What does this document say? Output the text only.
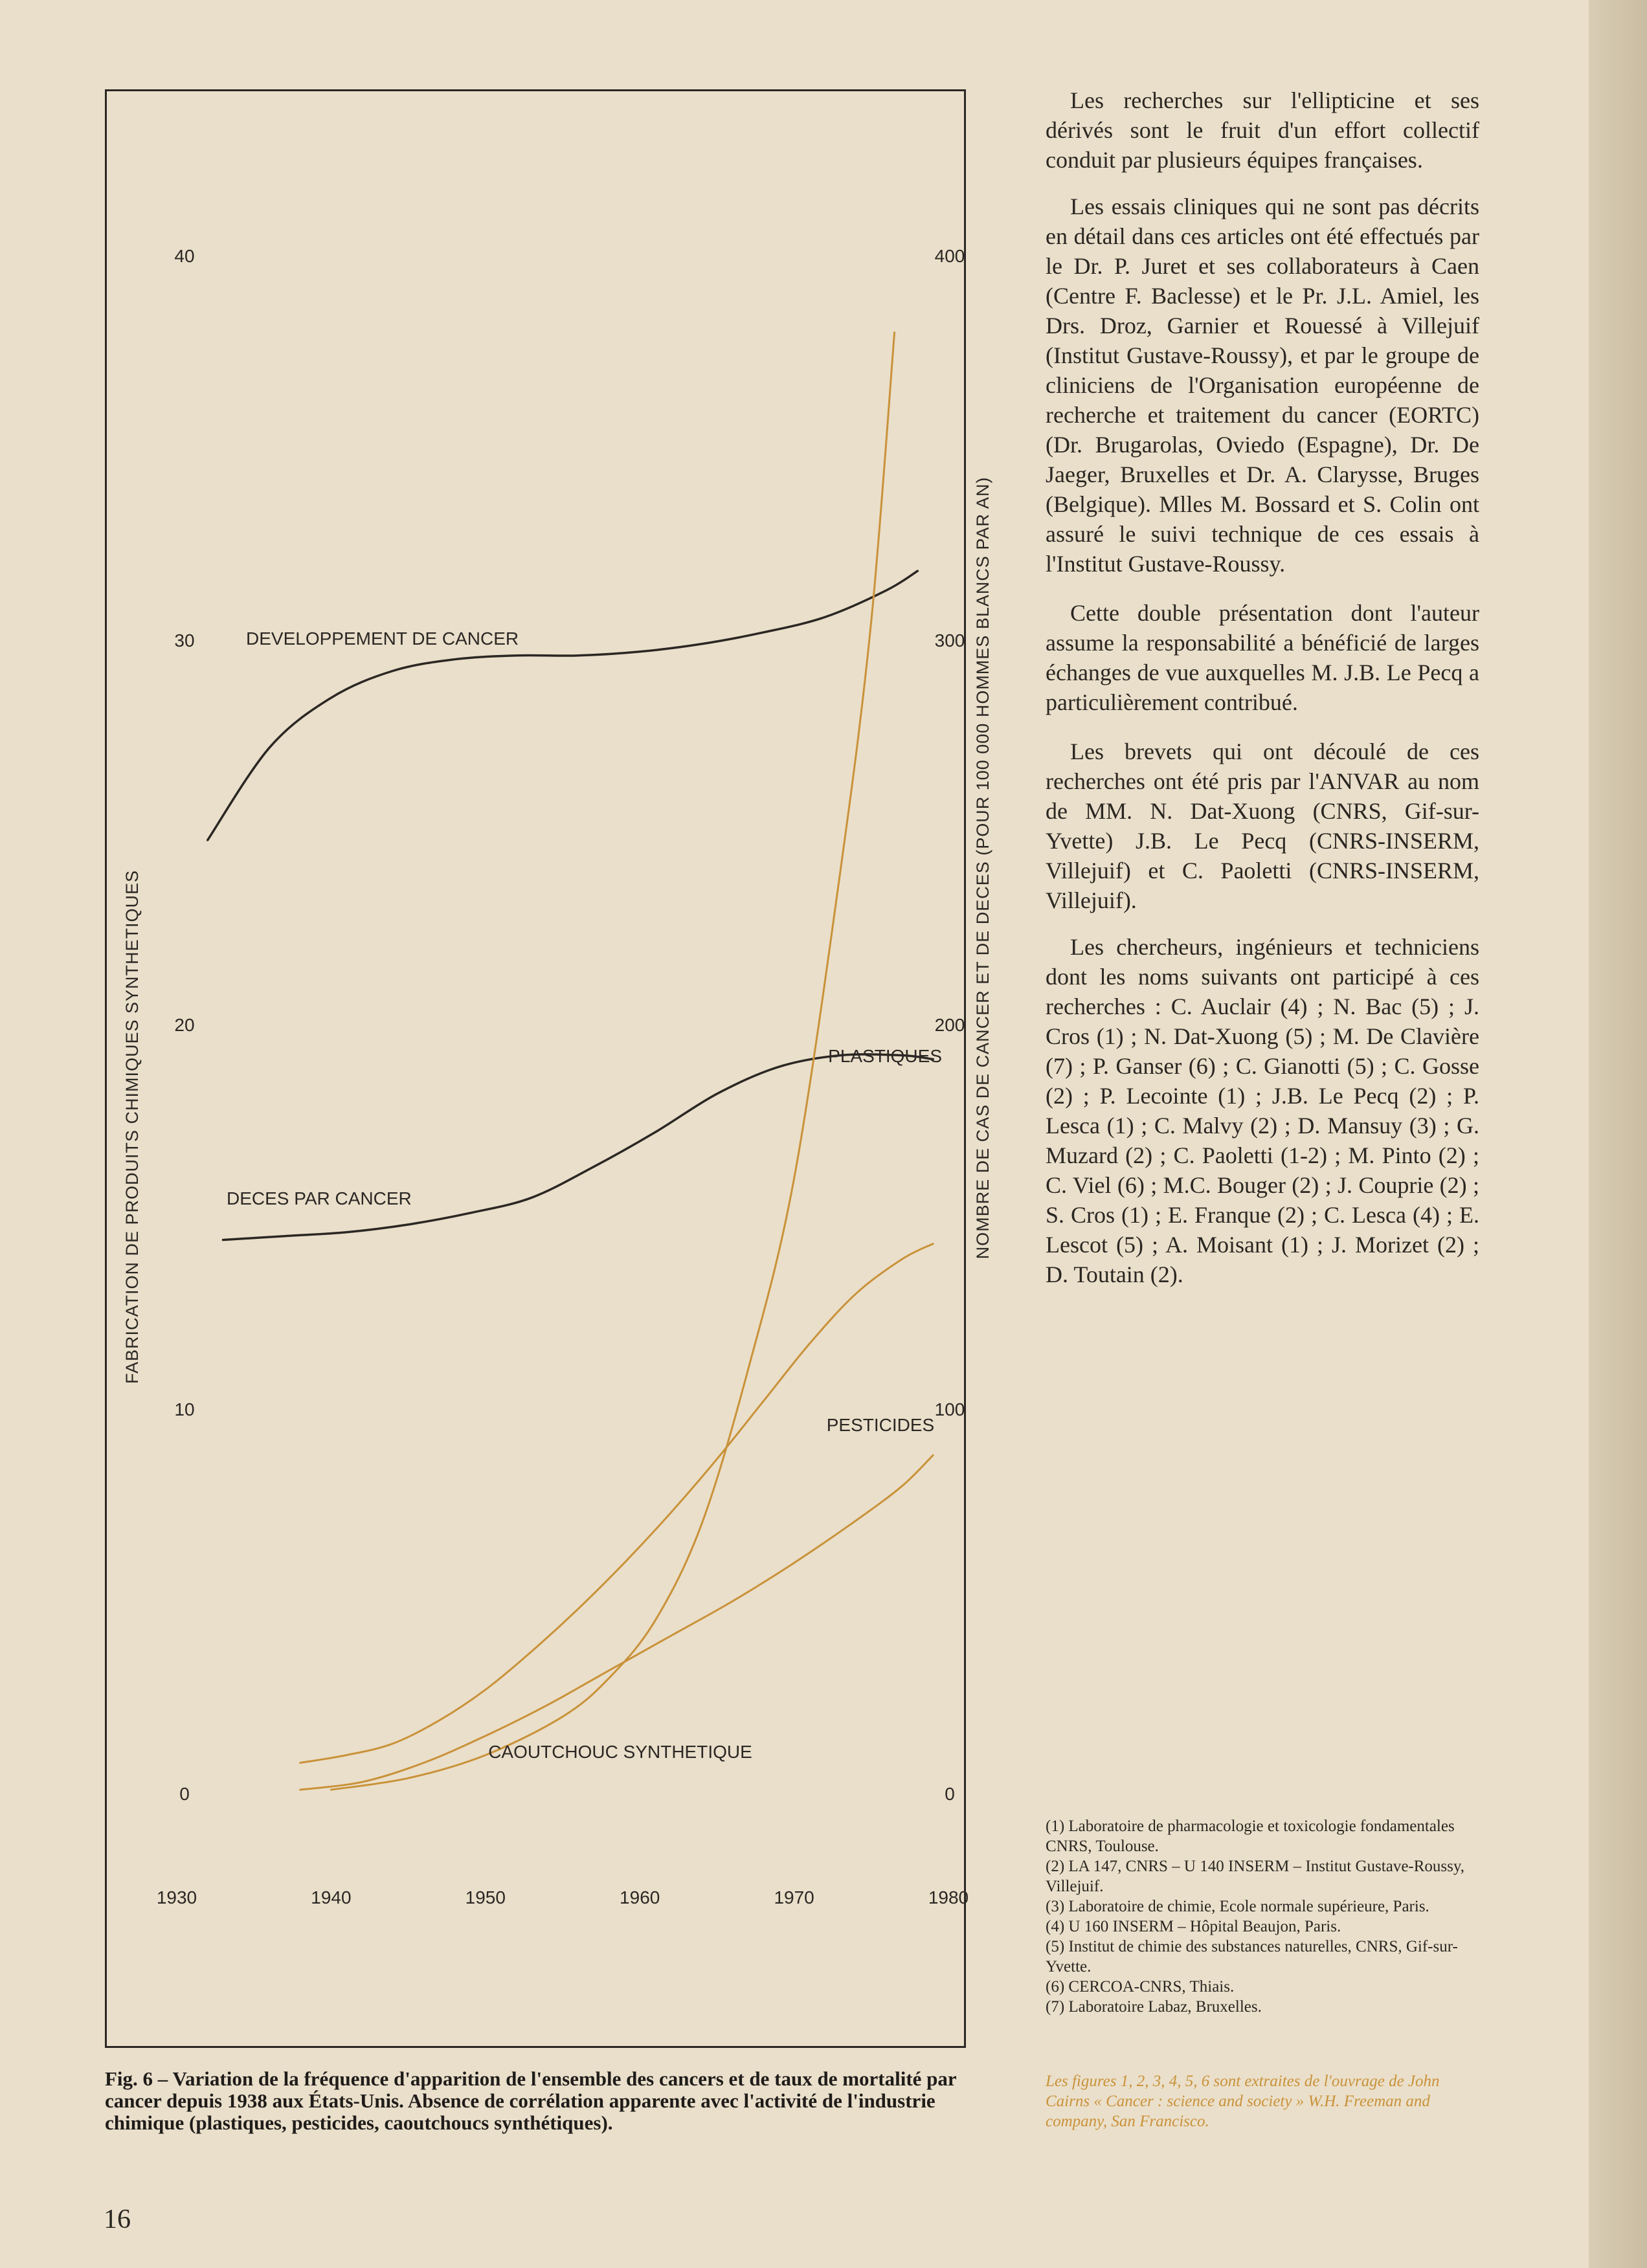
40
30
20
10
0
400
300
200
100
0
1930	1940	1950	1960	1970	1980
FABRICATION DE PRODUITS CHIMIQUES SYNTHETIQUES	NOMBRE DE CAS DE CANCER ET DE DECES (POUR 100 000 HOMMES BLANCS PAR AN)
DEVELOPPEMENT DE CANCER
DECES PAR CANCER
PLASTIQUES
PESTICIDES
CAOUTCHOUC SYNTHETIQUE
Fig. 6 – Variation de la fréquence d'apparition de l'ensemble des cancers et de taux de mortalité par cancer depuis 1938 aux États-Unis. Absence de corrélation apparente avec l'activité de l'industrie chimique (plastiques, pesticides, caoutchoucs synthétiques).

Les recherches sur l'ellipticine et ses dérivés sont le fruit d'un effort collectif conduit par plusieurs équipes françaises.

Les essais cliniques qui ne sont pas décrits en détail dans ces articles ont été effectués par le Dr. P. Juret et ses collaborateurs à Caen (Centre F. Baclesse) et le Pr. J.L. Amiel, les Drs. Droz, Garnier et Rouessé à Villejuif (Institut Gustave-Roussy), et par le groupe de cliniciens de l'Organisation européenne de recherche et traitement du cancer (EORTC) (Dr. Brugarolas, Oviedo (Espagne), Dr. De Jaeger, Bruxelles et Dr. A. Clarysse, Bruges (Belgique). Mlles M. Bossard et S. Colin ont assuré le suivi technique de ces essais à l'Institut Gustave-Roussy.

Cette double présentation dont l'auteur assume la responsabilité a bénéficié de larges échanges de vue auxquelles M. J.B. Le Pecq a particulièrement contribué.

Les brevets qui ont découlé de ces recherches ont été pris par l'ANVAR au nom de MM. N. Dat-Xuong (CNRS, Gif-sur-Yvette) J.B. Le Pecq (CNRS-INSERM, Villejuif) et C. Paoletti (CNRS-INSERM, Villejuif).

Les chercheurs, ingénieurs et techniciens dont les noms suivants ont participé à ces recherches : C. Auclair (4) ; N. Bac (5) ; J. Cros (1) ; N. Dat-Xuong (5) ; M. De Clavière (7) ; P. Ganser (6) ; C. Gianotti (5) ; C. Gosse (2) ; P. Lecointe (1) ; J.B. Le Pecq (2) ; P. Lesca (1) ; C. Malvy (2) ; D. Mansuy (3) ; G. Muzard (2) ; C. Paoletti (1-2) ; M. Pinto (2) ; C. Viel (6) ; M.C. Bouger (2) ; J. Couprie (2) ; S. Cros (1) ; E. Franque (2) ; C. Lesca (4) ; E. Lescot (5) ; A. Moisant (1) ; J. Morizet (2) ; D. Toutain (2).

(1) Laboratoire de pharmacologie et toxicologie fondamentales CNRS, Toulouse.
(2) LA 147, CNRS – U 140 INSERM – Institut Gustave-Roussy, Villejuif.
(3) Laboratoire de chimie, Ecole normale supérieure, Paris.
(4) U 160 INSERM – Hôpital Beaujon, Paris.
(5) Institut de chimie des substances naturelles, CNRS, Gif-sur-Yvette.
(6) CERCOA-CNRS, Thiais.
(7) Laboratoire Labaz, Bruxelles.
Les figures 1, 2, 3, 4, 5, 6 sont extraites de l'ouvrage de John Cairns « Cancer : science and society » W.H. Freeman and company, San Francisco.
16
